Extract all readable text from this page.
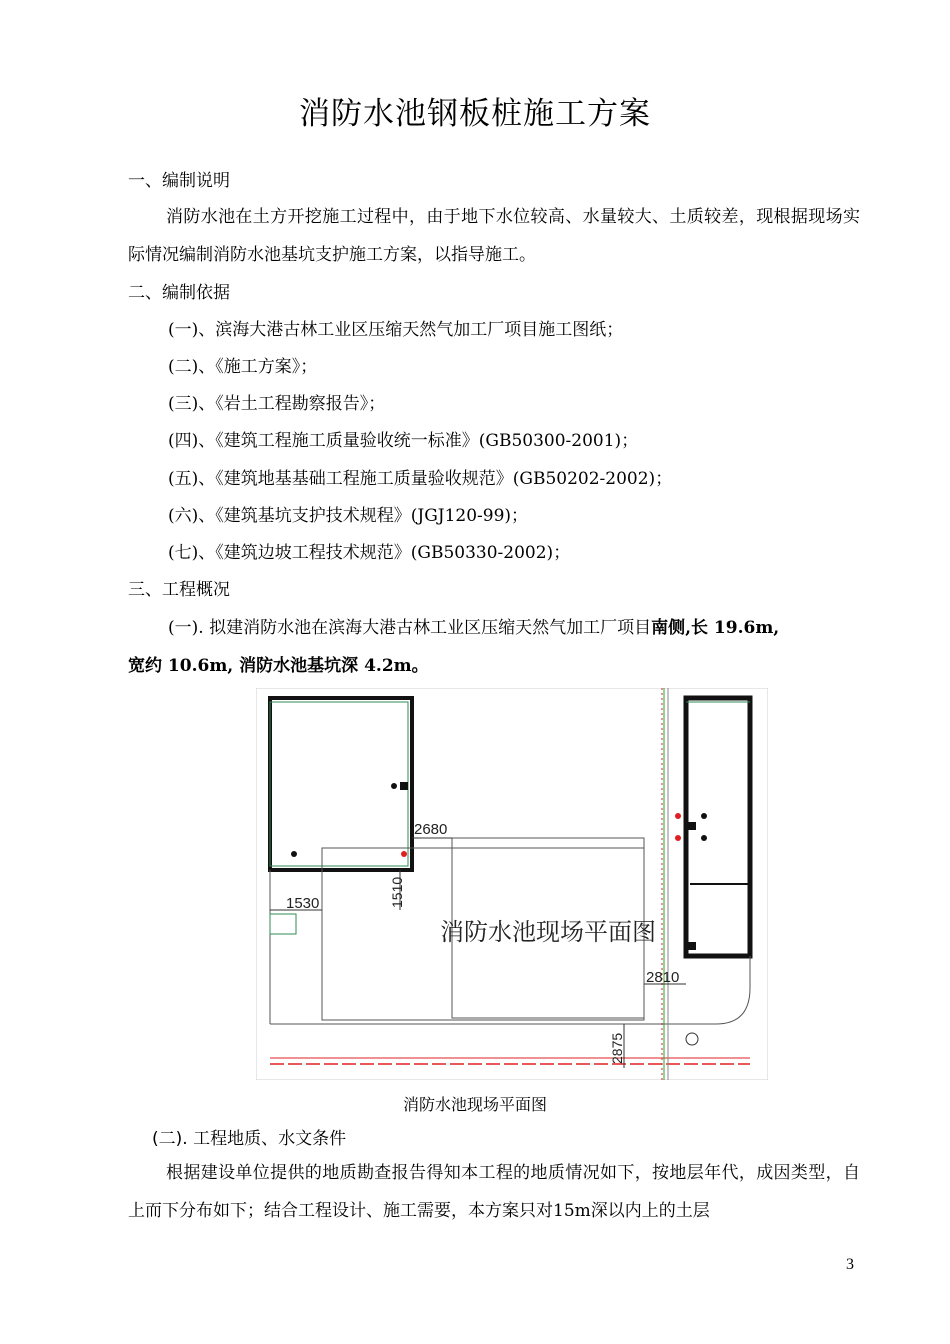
消防水池钢板桩施工方案
一、编制说明
消防水池在土方开挖施工过程中，由于地下水位较高、水量较大、土质较差，现根据现场实际情况编制消防水池基坑支护施工方案，以指导施工。
二、编制依据
(一)、滨海大港古林工业区压缩天然气加工厂项目施工图纸；
(二)、《施工方案》；
(三)、《岩土工程勘察报告》；
(四)、《建筑工程施工质量验收统一标准》(GB50300-2001)；
(五)、《建筑地基基础工程施工质量验收规范》(GB50202-2002)；
(六)、《建筑基坑支护技术规程》(JGJ120-99)；
(七)、《建筑边坡工程技术规范》(GB50330-2002)；
三、工程概况
(一). 拟建消防水池在滨海大港古林工业区压缩天然气加工厂项目南侧,长 19.6m,
宽约 10.6m, 消防水池基坑深 4.2m。
2680
1530	1510
2810
2875
消防水池现场平面图
消防水池现场平面图
(二). 工程地质、水文条件
根据建设单位提供的地质勘查报告得知本工程的地质情况如下，按地层年代，成因类型，自上而下分布如下；结合工程设计、施工需要，本方案只对15m深以内上的土层
3
